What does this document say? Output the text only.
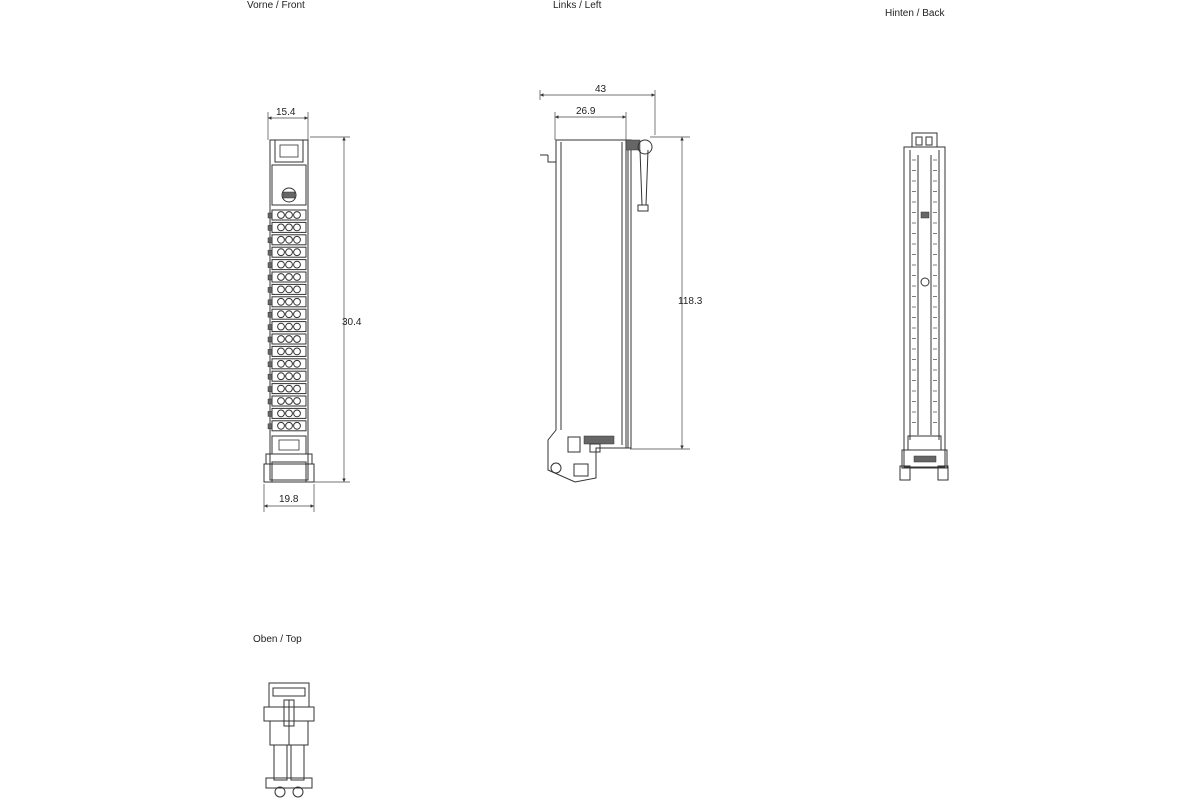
Vorne / Front	Links / Left
Hinten / Back
Oben / Top
15.4
30.4
19.8
43
26.9
118.3
